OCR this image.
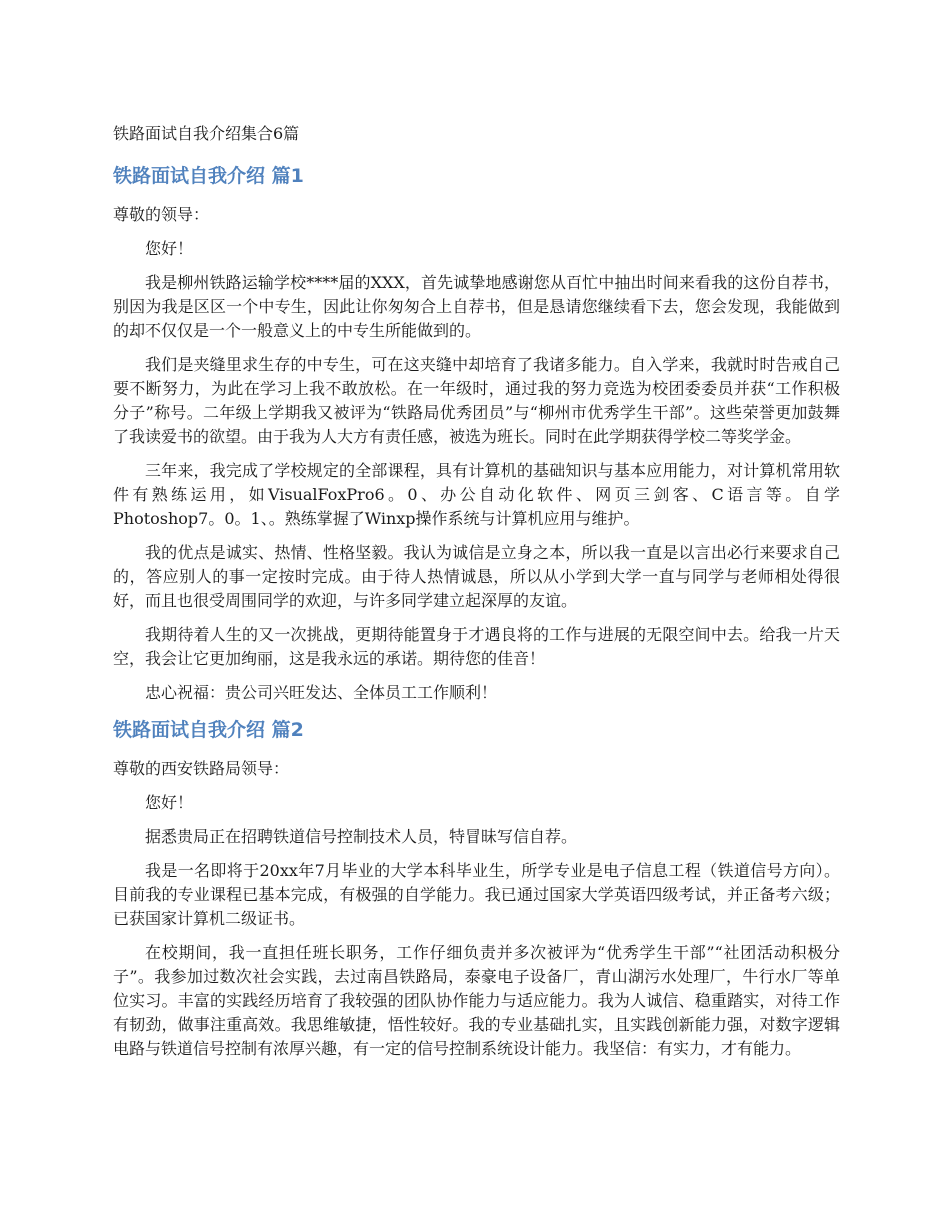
铁路面试自我介绍集合6篇
铁路面试自我介绍 篇1

尊敬的领导：

您好！

我是柳州铁路运输学校****届的XXX，首先诚挚地感谢您从百忙中抽出时间来看我的这份自荐书，别因为我是区区一个中专生，因此让你匆匆合上自荐书，但是恳请您继续看下去，您会发现，我能做到的却不仅仅是一个一般意义上的中专生所能做到的。

我们是夹缝里求生存的中专生，可在这夹缝中却培育了我诸多能力。自入学来，我就时时告戒自己要不断努力，为此在学习上我不敢放松。在一年级时，通过我的努力竞选为校团委委员并获“工作积极分子”称号。二年级上学期我又被评为“铁路局优秀团员”与“柳州市优秀学生干部”。这些荣誉更加鼓舞了我读爱书的欲望。由于我为人大方有责任感，被选为班长。同时在此学期获得学校二等奖学金。

三年来，我完成了学校规定的全部课程，具有计算机的基础知识与基本应用能力，对计算机常用软件有熟练运用，如VisualFoxPro6。0、办公自动化软件、网页三剑客、C语言等。自学Photoshop7。0。1、。熟练掌握了Winxp操作系统与计算机应用与维护。

我的优点是诚实、热情、性格坚毅。我认为诚信是立身之本，所以我一直是以言出必行来要求自己的，答应别人的事一定按时完成。由于待人热情诚恳，所以从小学到大学一直与同学与老师相处得很好，而且也很受周围同学的欢迎，与许多同学建立起深厚的友谊。

我期待着人生的又一次挑战，更期待能置身于才遇良将的工作与进展的无限空间中去。给我一片天空，我会让它更加绚丽，这是我永远的承诺。期待您的佳音！

忠心祝福：贵公司兴旺发达、全体员工工作顺利！

铁路面试自我介绍 篇2

尊敬的西安铁路局领导：

您好！

据悉贵局正在招聘铁道信号控制技术人员，特冒昧写信自荐。

我是一名即将于20xx年7月毕业的大学本科毕业生，所学专业是电子信息工程（铁道信号方向）。目前我的专业课程已基本完成，有极强的自学能力。我已通过国家大学英语四级考试，并正备考六级；已获国家计算机二级证书。

在校期间，我一直担任班长职务，工作仔细负责并多次被评为“优秀学生干部”“社团活动积极分子”。我参加过数次社会实践，去过南昌铁路局，泰豪电子设备厂，青山湖污水处理厂，牛行水厂等单位实习。丰富的实践经历培育了我较强的团队协作能力与适应能力。我为人诚信、稳重踏实，对待工作有韧劲，做事注重高效。我思维敏捷，悟性较好。我的专业基础扎实，且实践创新能力强，对数字逻辑电路与铁道信号控制有浓厚兴趣，有一定的信号控制系统设计能力。我坚信：有实力，才有能力。
